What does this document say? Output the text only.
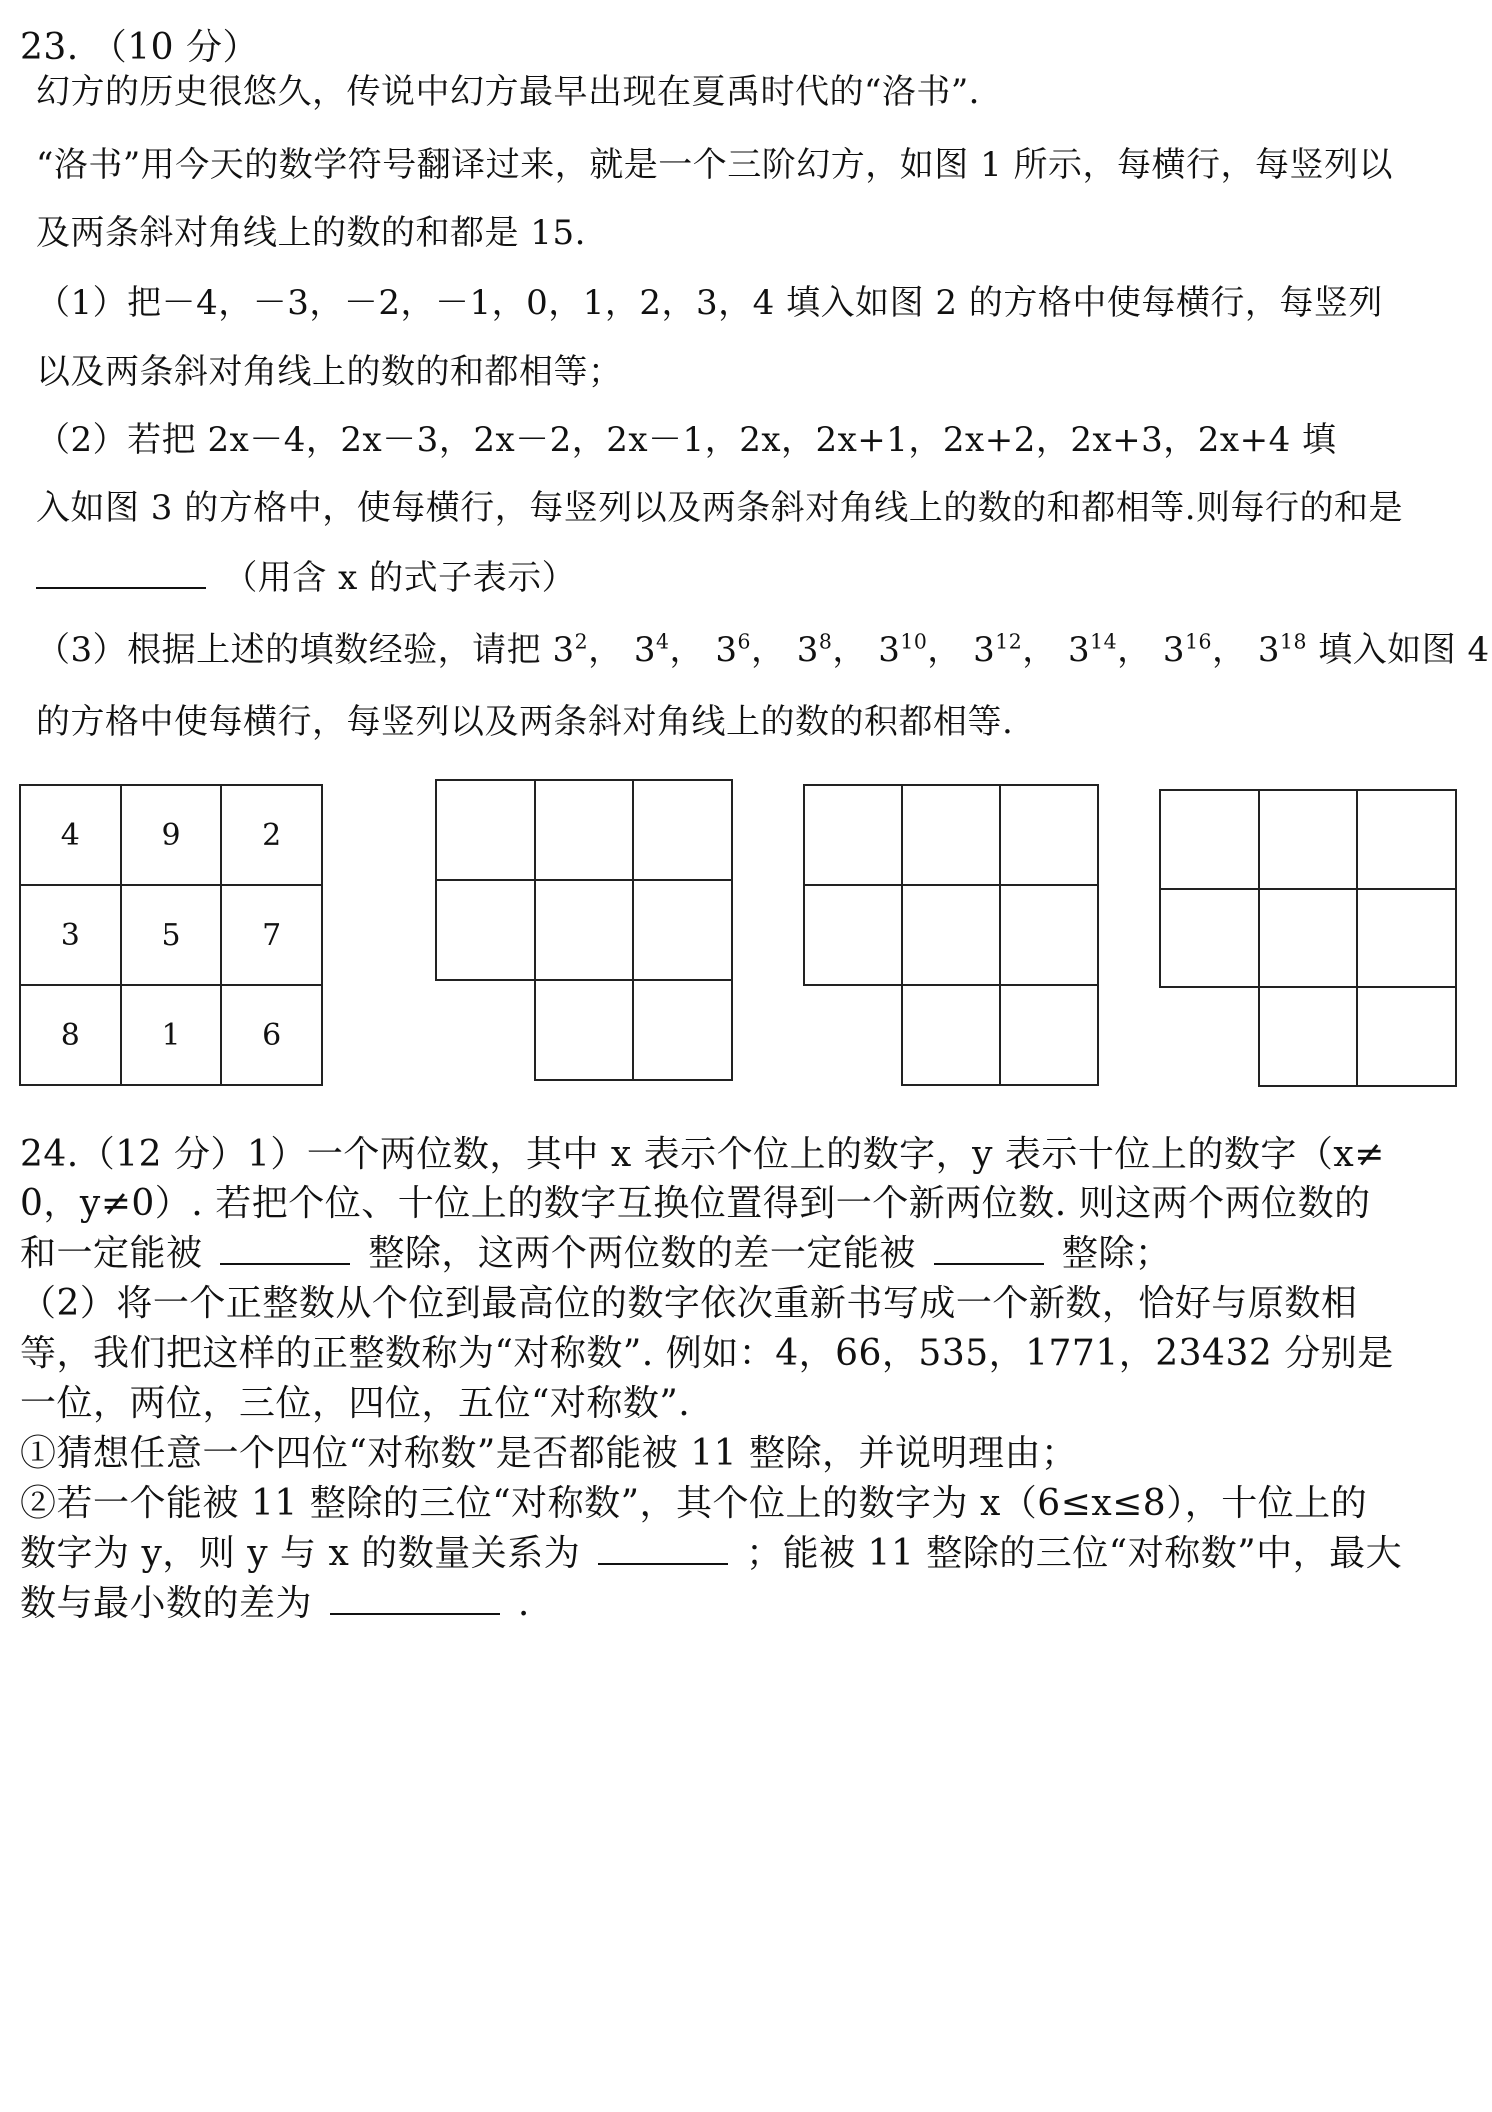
23. （10 分）
幻方的历史很悠久，传说中幻方最早出现在夏禹时代的“洛书”．
“洛书”用今天的数学符号翻译过来，就是一个三阶幻方，如图 1 所示，每横行，每竖列以
及两条斜对角线上的数的和都是 15.
（1）把－4，－3，－2，－1，0，1，2，3，4 填入如图 2 的方格中使每横行，每竖列
以及两条斜对角线上的数的和都相等；
（2）若把 2x－4，2x－3，2x－2，2x－1，2x，2x+1，2x+2，2x+3，2x+4 填
入如图 3 的方格中，使每横行，每竖列以及两条斜对角线上的数的和都相等.则每行的和是
（用含 x 的式子表示）
（3）根据上述的填数经验，请把 $3^2$， $3^4$， $3^6$， $3^8$， $3^{10}$， $3^{12}$， $3^{14}$， $3^{16}$， $3^{18}$ 填入如图 4
的方格中使每横行，每竖列以及两条斜对角线上的数的积都相等.
4	9	2
3	5	7
8	1	6
24.（12 分）1）一个两位数，其中 x 表示个位上的数字，y 表示十位上的数字（x≠
0，y≠0）. 若把个位、十位上的数字互换位置得到一个新两位数. 则这两个两位数的
和一定能被	整除，这两个两位数的差一定能被	整除；
（2）将一个正整数从个位到最高位的数字依次重新书写成一个新数，恰好与原数相
等，我们把这样的正整数称为“对称数”. 例如：4，66，535，1771，23432 分别是
一位，两位，三位，四位，五位“对称数”.
①猜想任意一个四位“对称数”是否都能被 11 整除，并说明理由；
②若一个能被 11 整除的三位“对称数”，其个位上的数字为 x（6≤x≤8），十位上的
数字为 y，则 y 与 x 的数量关系为	；能被 11 整除的三位“对称数”中，最大
数与最小数的差为	.
